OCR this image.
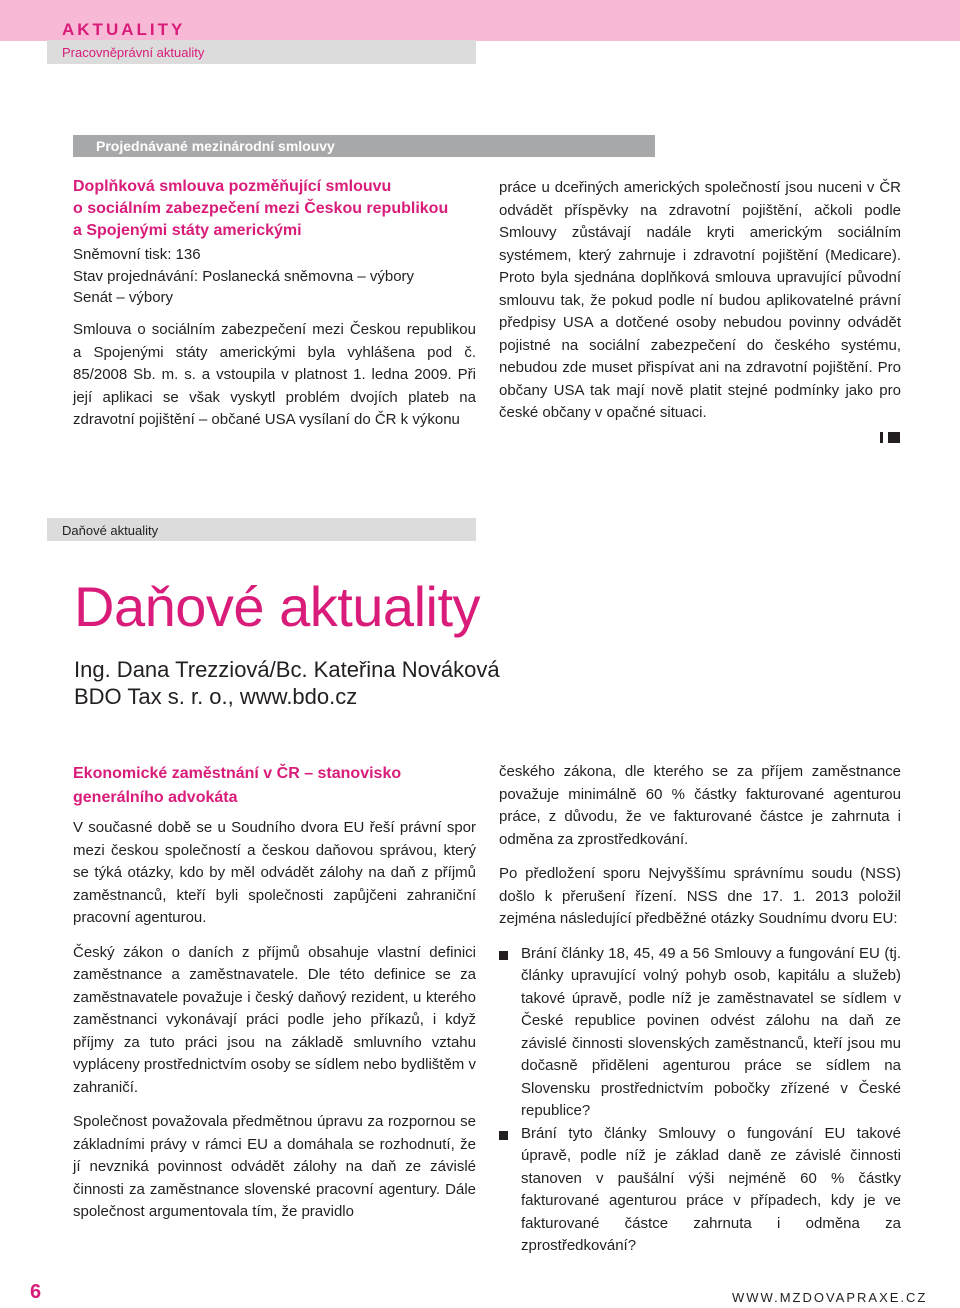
AKTUALITY
Pracovněprávní aktuality
Projednávané mezinárodní smlouvy
Doplňková smlouva pozměňující smlouvu
o sociálním zabezpečení mezi Českou republikou
a Spojenými státy americkými
Sněmovní tisk: 136
Stav projednávání: Poslanecká sněmovna – výbory
Senát – výbory
Smlouva o sociálním zabezpečení mezi Českou republikou a Spojenými státy americkými byla vyhlášena pod č. 85/2008 Sb. m. s. a vstoupila v platnost 1. ledna 2009. Při její aplikaci se však vyskytl problém dvojích plateb na zdravotní pojištění – občané USA vysílaní do ČR k výkonu
práce u dceřiných amerických společností jsou nuceni v ČR odvádět příspěvky na zdravotní pojištění, ačkoli podle Smlouvy zůstávají nadále kryti americkým sociálním systémem, který zahrnuje i zdravotní pojištění (Medicare). Proto byla sjednána doplňková smlouva upravující původní smlouvu tak, že pokud podle ní budou aplikovatelné právní předpisy USA a dotčené osoby nebudou povinny odvádět pojistné na sociální zabezpečení do českého systému, nebudou zde muset přispívat ani na zdravotní pojištění. Pro občany USA tak mají nově platit stejné podmínky jako pro české občany v opačné situaci.
Daňové aktuality
Daňové aktuality
Ing. Dana Trezziová/Bc. Kateřina Nováková
BDO Tax s. r. o., www.bdo.cz
Ekonomické zaměstnání v ČR – stanovisko
generálního advokáta

V současné době se u Soudního dvora EU řeší právní spor mezi českou společností a českou daňovou správou, který se týká otázky, kdo by měl odvádět zálohy na daň z příjmů zaměstnanců, kteří byli společnosti zapůjčeni zahraniční pracovní agenturou.

Český zákon o daních z příjmů obsahuje vlastní definici zaměstnance a zaměstnavatele. Dle této definice se za zaměstnavatele považuje i český daňový rezident, u kterého zaměstnanci vykonávají práci podle jeho příkazů, i když příjmy za tuto práci jsou na základě smluvního vztahu vypláceny prostřednictvím osoby se sídlem nebo bydlištěm v zahraničí.

Společnost považovala předmětnou úpravu za rozpornou se základními právy v rámci EU a domáhala se rozhodnutí, že jí nevzniká povinnost odvádět zálohy na daň ze závislé činnosti za zaměstnance slovenské pracovní agentury. Dále společnost argumentovala tím, že pravidlo

českého zákona, dle kterého se za příjem zaměstnance považuje minimálně 60 % částky fakturované agenturou práce, z důvodu, že ve fakturované částce je zahrnuta i odměna za zprostředkování.

Po předložení sporu Nejvyššímu správnímu soudu (NSS) došlo k přerušení řízení. NSS dne 17. 1. 2013 položil zejména následující předběžné otázky Soudnímu dvoru EU:

Brání články 18, 45, 49 a 56 Smlouvy a fungování EU (tj. články upravující volný pohyb osob, kapitálu a služeb) takové úpravě, podle níž je zaměstnavatel se sídlem v České republice povinen odvést zálohu na daň ze závislé činnosti slovenských zaměstnanců, kteří jsou mu dočasně přiděleni agenturou práce se sídlem na Slovensku prostřednictvím pobočky zřízené v České republice?
Brání tyto články Smlouvy o fungování EU takové úpravě, podle níž je základ daně ze závislé činnosti stanoven v paušální výši nejméně 60 % částky fakturované agenturou práce v případech, kdy je ve fakturované částce zahrnuta i odměna za zprostředkování?
6	WWW.MZDOVAPRAXE.CZ
